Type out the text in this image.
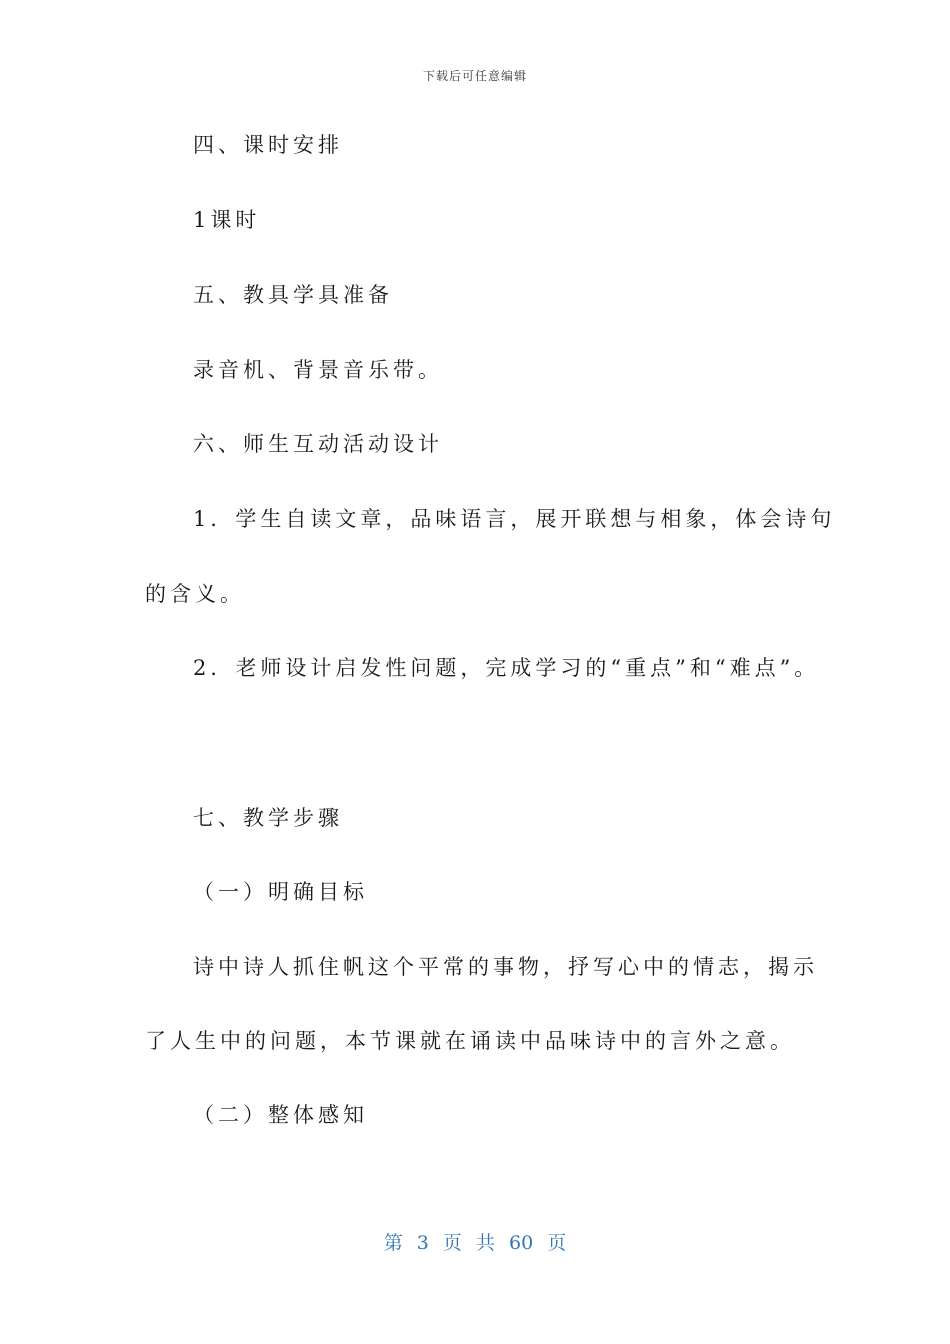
下载后可任意编辑
四、课时安排
1课时
五、教具学具准备
录音机、背景音乐带。
六、师生互动活动设计
1．学生自读文章，品味语言，展开联想与相象，体会诗句
的含义。
2．老师设计启发性问题，完成学习的“重点”和“难点”。
七、教学步骤
（一）明确目标
诗中诗人抓住帆这个平常的事物，抒写心中的情志，揭示
了人生中的问题，本节课就在诵读中品味诗中的言外之意。
（二）整体感知
第 3 页 共 60 页
